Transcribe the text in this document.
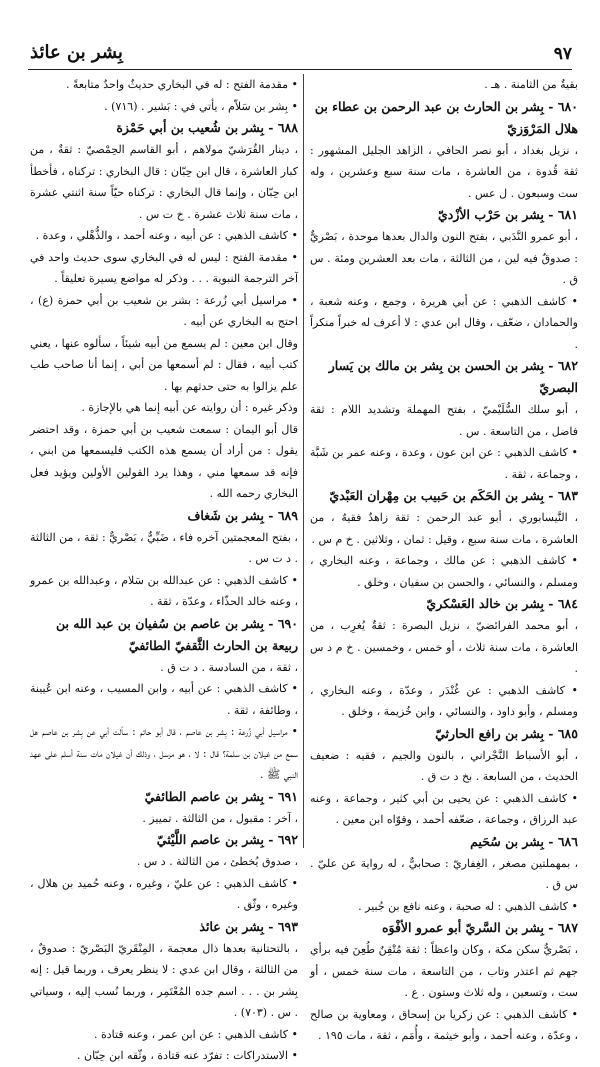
٩٧
بِشر بن عائذ

بقيةٌ من الثامنة . هـ .

٦٨٠ - بِشر بن الحارث بن عبد الرحمن بن عطاء بن هلال المَرْوَزيّ

، نزيل بغداد ، أبو نصر الحافي ، الزاهد الجليل المشهور : ثقة قُدوة ، من العاشرة ، مات سنة سبع وعشرين ، وله ست وسبعون . ل عس .

٦٨١ - بِشر بن حَرْب الأزْديّ

، أبو عمرو النَّدَبي ، بفتح النون والدال بعدها موحدة ، بَصْريٌّ : صدوقٌ فيه لين ، من الثالثة ، مات بعد العشرين ومئة . س ق .

• كاشف الذهبي : عن أبي هريرة ، وجمع ، وعنه شعبة ، والحمادان ، ضعّف ، وقال ابن عدي : لا أعرف له خبراً منكراً .

٦٨٢ - بِشر بن الحسن بن بِشر بن مالك بن يَسار البصريّ

، أبو سلك السُّلَيْميّ ، بفتح المهملة وتشديد اللام : ثقة فاضل ، من التاسعة . س .

• كاشف الذهبي : عن ابن عون ، وعدة ، وعنه عمر بن شَبَّة ، وجماعة ، ثقة .

٦٨٣ - بِشر بن الحَكَم بن حَبيب بن مِهْران العَبْديّ

، النَّيسابوري ، أبو عبد الرحمن : ثقة زاهدٌ فقيهٌ ، من العاشرة ، مات سنة سبع ، وقيل : ثمان ، وثلاثين . خ م س .

• كاشف الذهبي : عن مالك ، وجماعة ، وعنه البخاري ، ومسلم ، والنسائي ، والحسن بن سفيان ، وخلق .

٦٨٤ - بِشر بن خالد العَسْكريّ

، أبو محمد الفرائضيّ ، نزيل البصرة : ثقةٌ يُغرِب ، من العاشرة ، مات سنة ثلاث ، أو خمس ، وخمسين . خ م د س .

• كاشف الذهبي : عن غُنْدَر ، وعدّة ، وعنه البخاري ، ومسلم ، وأبو داود ، والنسائي ، وابن خُزيمة ، وخلق .

٦٨٥ - بِشر بن رافع الحارثيّ

، أبو الأسباط النَّجْراني ، بالنون والجيم ، فقيه : ضعيف الحديث ، من السابعة . بخ د ت ق .

• كاشف الذهبي : عن يحيى بن أبي كثير ، وجماعة ، وعنه عبد الرزاق ، وجماعة ، ضعّفه أحمد ، وقوّاه ابن معين .

٦٨٦ - بِشر بن سُحَيم

، بمهملتين مصغر ، الغِفاريّ : صحابيٌّ ، له رواية عن عليّ . س ق .

• كاشف الذهبي : له صحبة ، وعنه نافع بن جُبير .

٦٨٧ - بِشر بن السَّريّ أبو عمرو الأفْوَه

، بَصْريٌّ سكن مكة ، وكان واعظاً : ثقة مُتْقِنٌ طُعِنَ فيه برأي جهم ثم اعتذر وتاب ، من التاسعة ، مات سنة خمس ، أو ست ، وتسعين ، وله ثلاث وستون . ع .

• كاشف الذهبي : عن زكريا بن إسحاق ، ومعاوية بن صالح ، وعدّة ، وعنه أحمد ، وأبو خيثمة ، وأُمَم ، ثقة ، مات ١٩٥ .

• مقدمة الفتح : له في البخاري حديثٌ واحدٌ متابعةً .

• بِشر بن سَلاّم ، يأتي في : بَشير . (٧١٦) .

٦٨٨ - بِشر بن شُعيب بن أبي حَمْزة

، دينار القُرَشيّ مولاهم ، أبو القاسم الحِمْصيّ : ثقةٌ ، من كبار العاشرة ، قال ابن حِبّان : قال البخاري : تركناه ، فأخطأ ابن حِبّان ، وإنما قال البخاري : تركناه حيّاً سنة اثنتي عشرة ، مات سنة ثلاث عشرة . خ ت س .

• كاشف الذهبي : عن أبيه ، وعنه أحمد ، والذُّهْلي ، وعدة .

• مقدمة الفتح : ليس له في البخاري سوى حديث واحد في آخر الترجمة النبوية . . . وذكر له مواضع يسيرة تعليقاً .

• مراسيل أبي زُرعة : بشر بن شعيب بن أبي حمزة (ع) ، احتج به البخاري عن أبيه .

وقال ابن معين : لم يسمع من أبيه شيئاً ، سألوه عنها ، يعني كتب أبيه ، فقال : لم أسمعها من أبي ، إنما أنا صاحب طب علم يزالوا به حتى حدثهم بها .

وذكر غيره : أن روايته عن أبيه إنما هي بالإجازة .

قال أبو اليمان : سمعت شعيب بن أبي حمزة ، وقد احتضر يقول : من أراد أن يسمع هذه الكتب فليسمعها من ابني ، فإنه قد سمعها مني ، وهذا يرد القولين الأولين ويؤيد فعل البخاري رحمه الله .

٦٨٩ - بِشر بن شَغاف

، بفتح المعجمتين آخره فاء ، ضَبِّيٌّ ، بَصْريٌّ : ثقة ، من الثالثة . د ت س .

• كاشف الذهبي : عن عبدالله بن سَلام ، وعبدالله بن عمرو ، وعنه خالد الحذّاء ، وعدّة ، ثقة .

٦٩٠ - بِشر بن عاصم بن سُفيان بن عبد الله بن ربيعة بن الحارث الثَّقفيّ الطائفيّ

، ثقة ، من السادسة . د ت ق .

• كاشف الذهبي : عن أبيه ، وابن المسيب ، وعنه ابن عُيينة ، وطائفة ، ثقة .

• مراسيل أبي زُرعة : بِشر بن عاصم ، قال أبو حاتم : سألت أبي عن بِشر بن عاصم هل سمع من غيلان بن سلمة؟ قال : لا ، هو مرسل ، وذلك أن غيلان مات سنة أسلم على عهد النبي ﷺ .

٦٩١ - بِشر بن عاصم الطائفيّ

، آخر : مقبول ، من الثالثة . تمييز .

٦٩٢ - بِشر بن عاصم اللَّيْثيّ

، صدوق يُخطئ ، من الثالثة . د س .

• كاشف الذهبي : عن عليّ ، وغيره ، وعنه حُميد بن هلال ، وغيره ، وثّق .

٦٩٣ - بِشر بن عائذ

، بالتحتانية بعدها ذال معجمة ، المِنْقَريّ البَصْريّ : صدوقٌ ، من الثالثة ، وقال ابن عدي : لا ينظر يعرف ، وربما قيل : إنه بِشر بن . . . اسم جده المُعْتَمِر ، وربما نُسب إليه ، وسياتي . س . (٧٠٣) .

• كاشف الذهبي : عن ابن عمر ، وعنه قتادة .

• الاستدراكات : تفرّد عنه قتادة ، وثّقه ابن حِبّان .
